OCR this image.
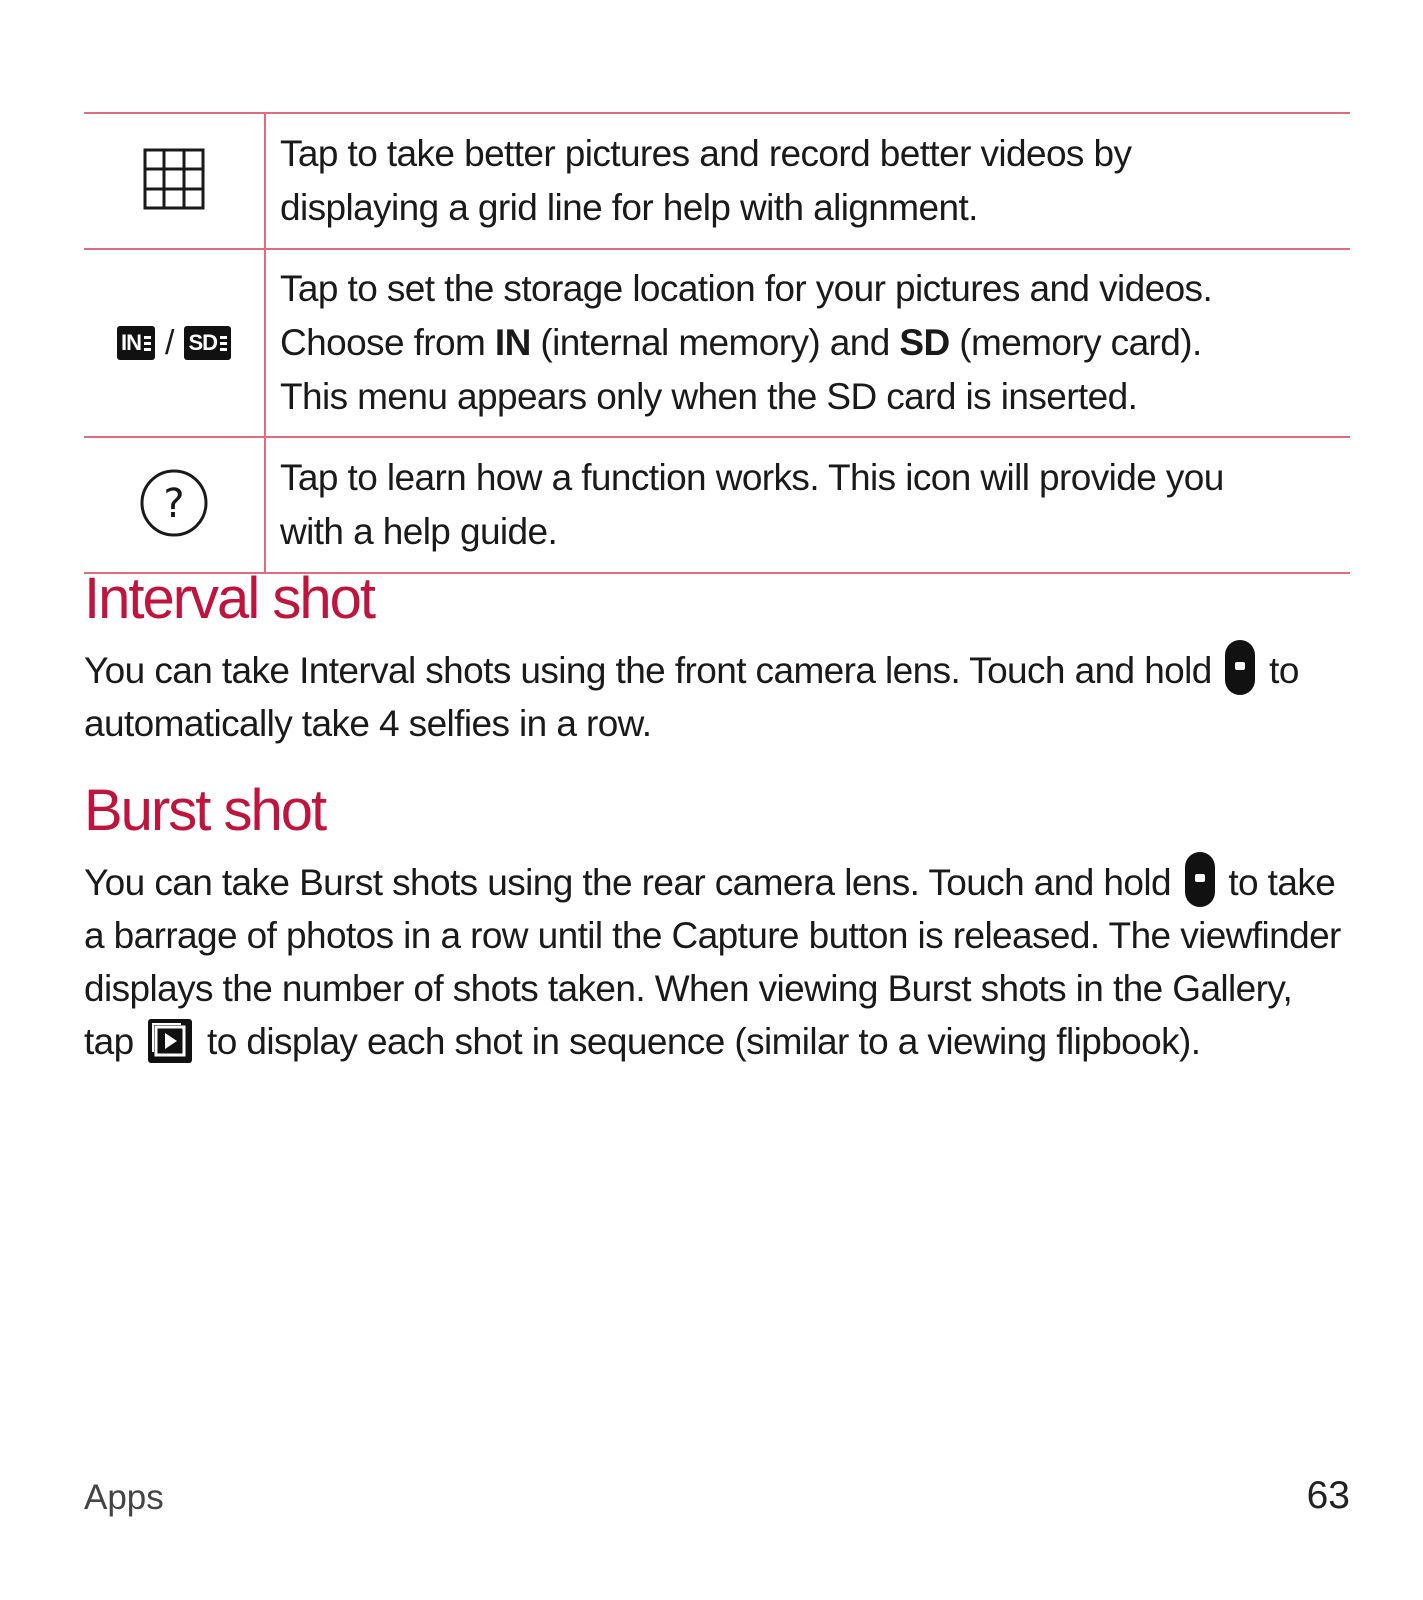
	Tap to take better pictures and record better videos by
displaying a grid line for help with alignment.

IN / SD	Tap to set the storage location for your pictures and videos.
Choose from IN (internal memory) and SD (memory card).
This menu appears only when the SD card is inserted.

?	Tap to learn how a function works. This icon will provide you
with a help guide.
Interval shot

You can take Interval shots using the front camera lens. Touch and hold  to automatically take 4 selfies in a row.

Burst shot

You can take Burst shots using the rear camera lens. Touch and hold  to take a barrage of photos in a row until the Capture button is released. The viewfinder displays the number of shots taken. When viewing Burst shots in the Gallery, tap  to display each shot in sequence (similar to a viewing flipbook).

Apps	63
